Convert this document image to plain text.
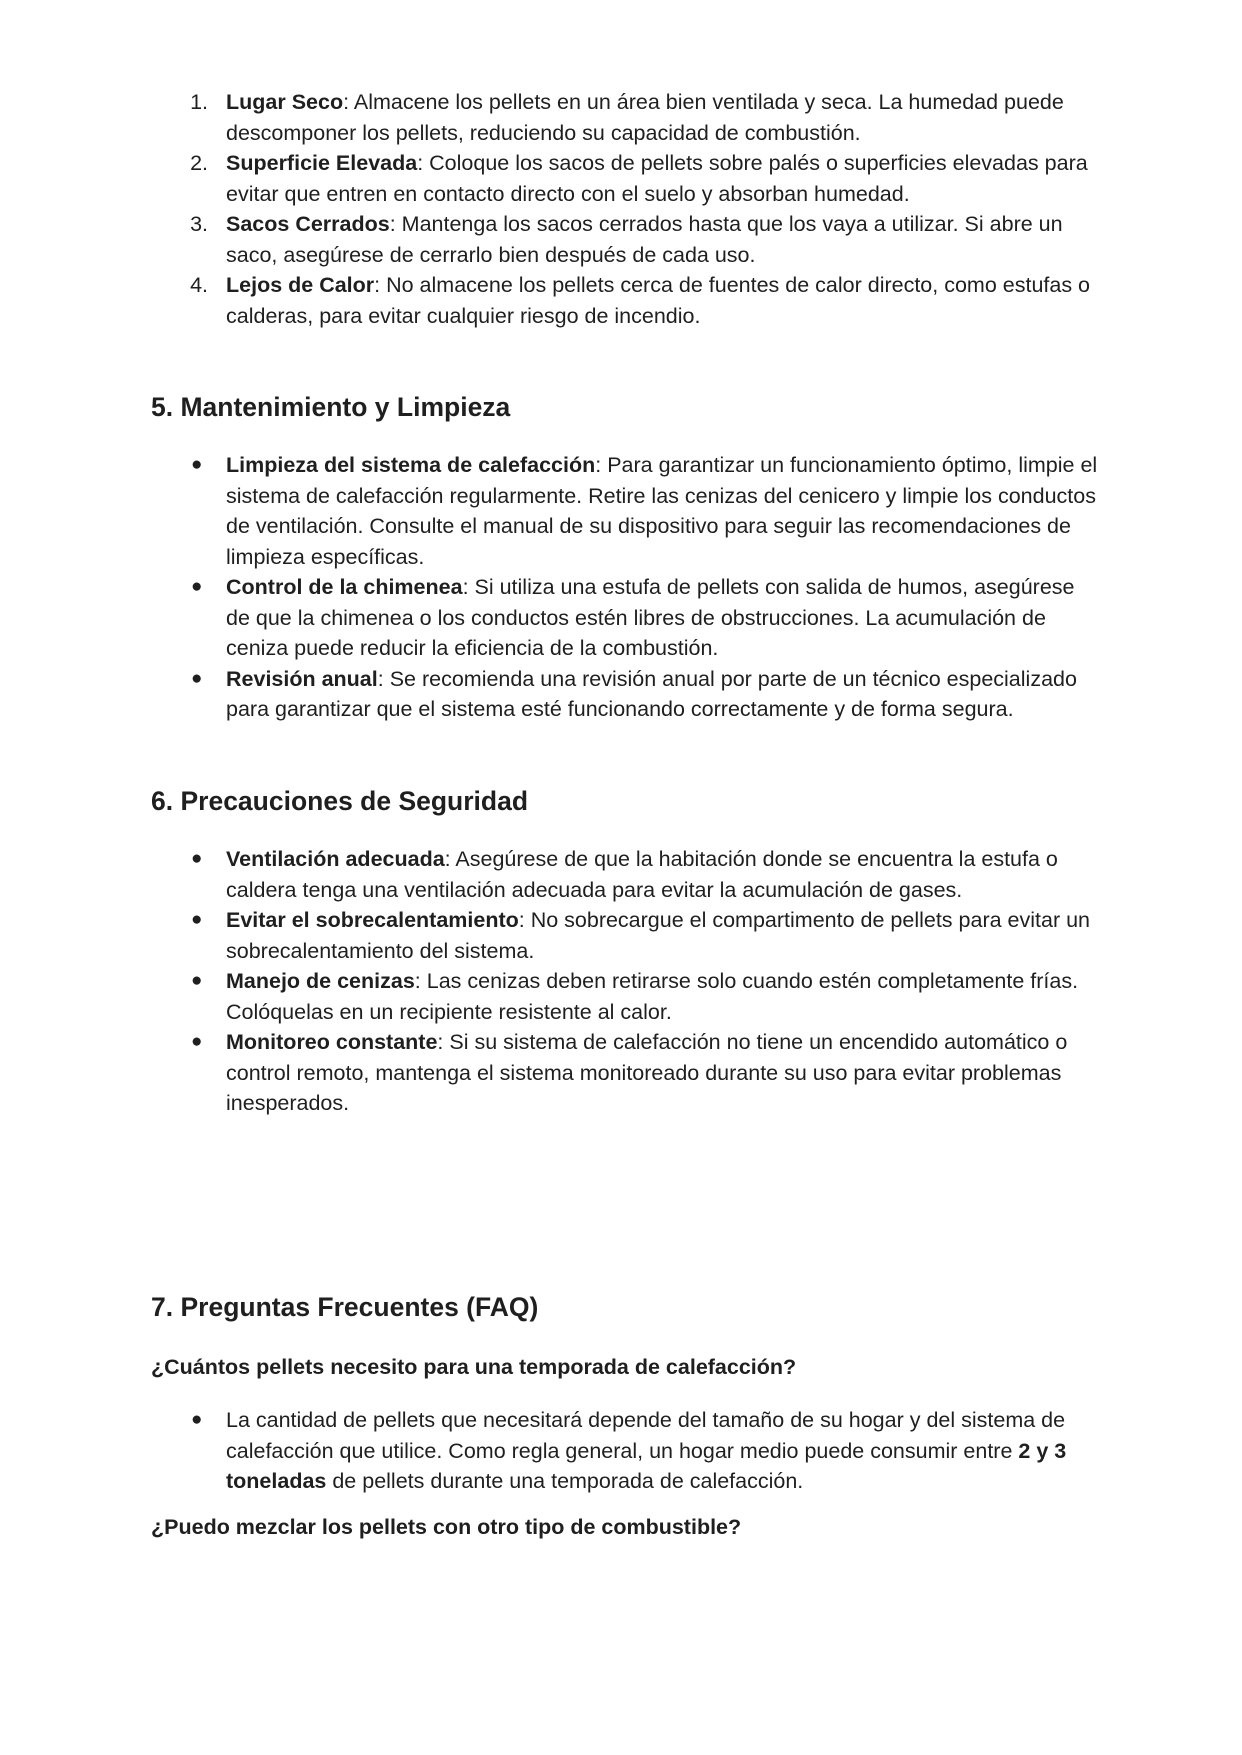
1. Lugar Seco: Almacene los pellets en un área bien ventilada y seca. La humedad puede descomponer los pellets, reduciendo su capacidad de combustión.
2. Superficie Elevada: Coloque los sacos de pellets sobre palés o superficies elevadas para evitar que entren en contacto directo con el suelo y absorban humedad.
3. Sacos Cerrados: Mantenga los sacos cerrados hasta que los vaya a utilizar. Si abre un saco, asegúrese de cerrarlo bien después de cada uso.
4. Lejos de Calor: No almacene los pellets cerca de fuentes de calor directo, como estufas o calderas, para evitar cualquier riesgo de incendio.
5. Mantenimiento y Limpieza
●	Limpieza del sistema de calefacción: Para garantizar un funcionamiento óptimo, limpie el sistema de calefacción regularmente. Retire las cenizas del cenicero y limpie los conductos de ventilación. Consulte el manual de su dispositivo para seguir las recomendaciones de limpieza específicas.
●	Control de la chimenea: Si utiliza una estufa de pellets con salida de humos, asegúrese de que la chimenea o los conductos estén libres de obstrucciones. La acumulación de ceniza puede reducir la eficiencia de la combustión.
●	Revisión anual: Se recomienda una revisión anual por parte de un técnico especializado para garantizar que el sistema esté funcionando correctamente y de forma segura.
6. Precauciones de Seguridad
●	Ventilación adecuada: Asegúrese de que la habitación donde se encuentra la estufa o caldera tenga una ventilación adecuada para evitar la acumulación de gases.
●	Evitar el sobrecalentamiento: No sobrecargue el compartimento de pellets para evitar un sobrecalentamiento del sistema.
●	Manejo de cenizas: Las cenizas deben retirarse solo cuando estén completamente frías. Colóquelas en un recipiente resistente al calor.
●	Monitoreo constante: Si su sistema de calefacción no tiene un encendido automático o control remoto, mantenga el sistema monitoreado durante su uso para evitar problemas inesperados.
7. Preguntas Frecuentes (FAQ)

¿Cuántos pellets necesito para una temporada de calefacción?

●	La cantidad de pellets que necesitará depende del tamaño de su hogar y del sistema de calefacción que utilice. Como regla general, un hogar medio puede consumir entre 2 y 3 toneladas de pellets durante una temporada de calefacción.

¿Puedo mezclar los pellets con otro tipo de combustible?
